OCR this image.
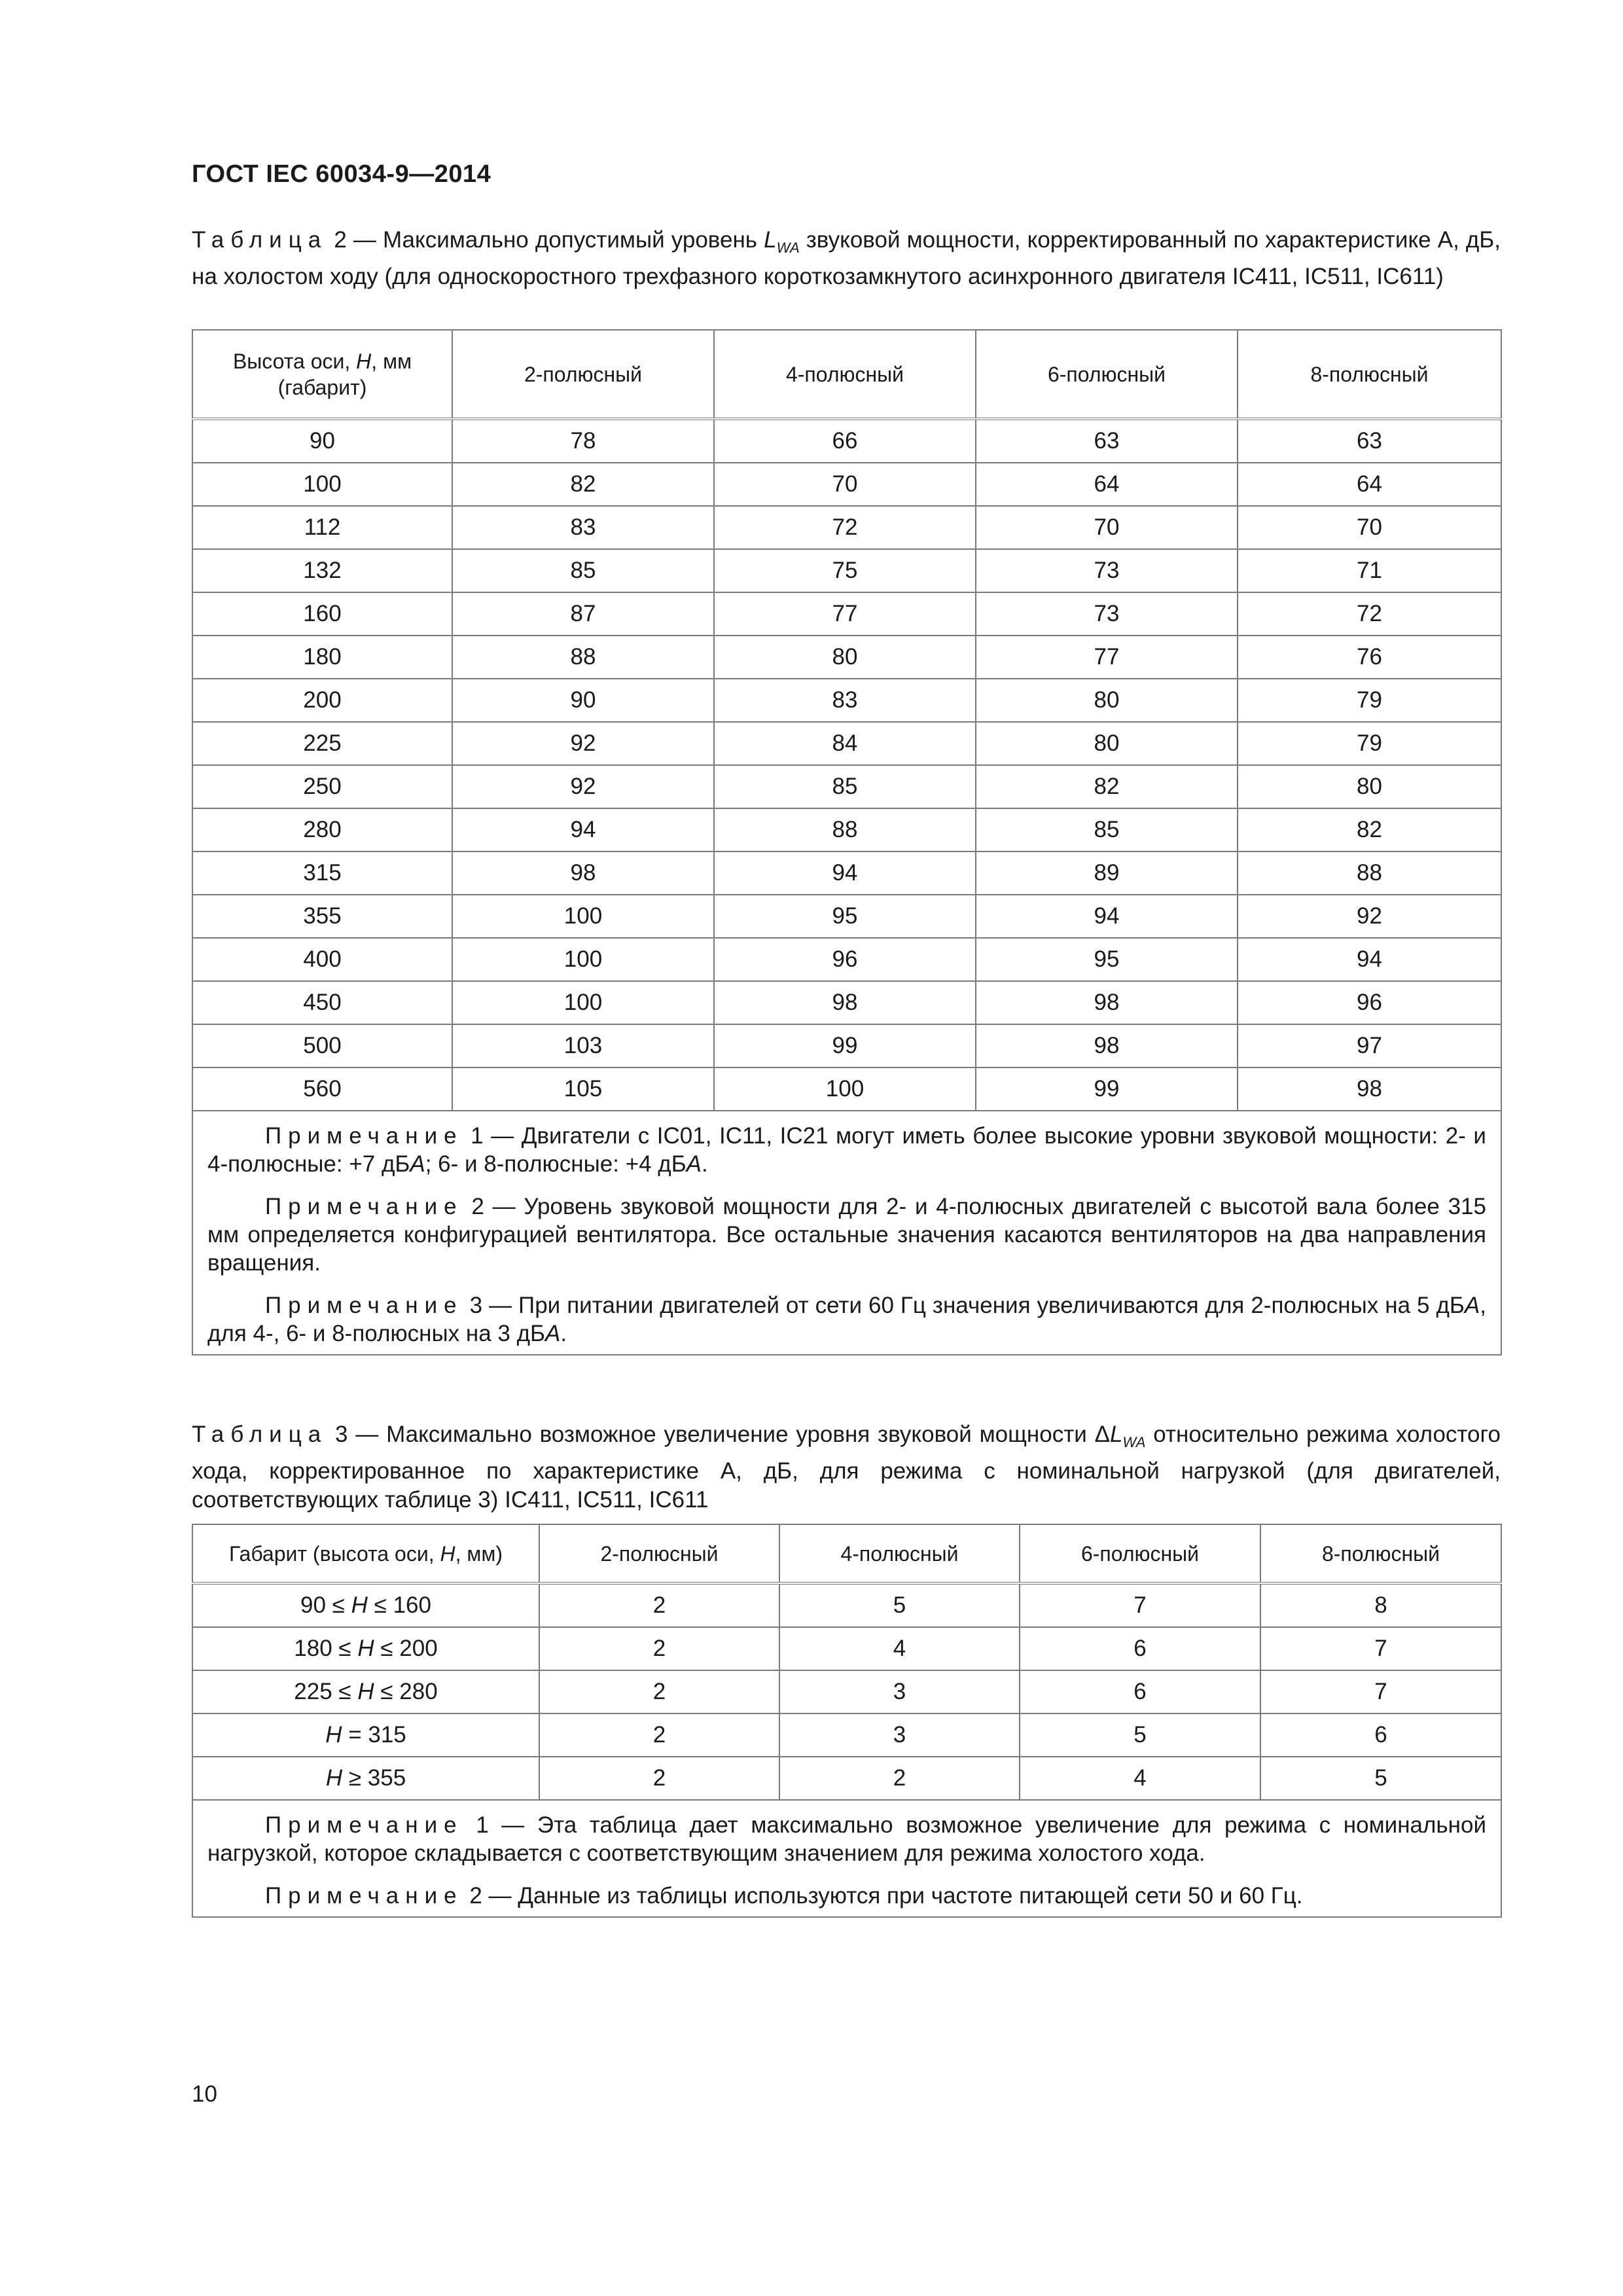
ГОСТ IEC 60034-9—2014
Таблица 2 — Максимально допустимый уровень $L_{WA}$ звуковой мощности, корректированный по характеристике А, дБ, на холостом ходу (для односкоростного трехфазного короткозамкнутого асинхронного двигателя IC411, IC511, IC611)
Высота оси, H, мм
(габарит)	2-полюсный	4-полюсный	6-полюсный	8-полюсный
90	78	66	63	63
100	82	70	64	64
112	83	72	70	70
132	85	75	73	71
160	87	77	73	72
180	88	80	77	76
200	90	83	80	79
225	92	84	80	79
250	92	85	82	80
280	94	88	85	82
315	98	94	89	88
355	100	95	94	92
400	100	96	95	94
450	100	98	98	96
500	103	99	98	97
560	105	100	99	98

Примечание 1 — Двигатели с IC01, IC11, IC21 могут иметь более высокие уровни звуковой мощности: 2- и 4-полюсные: +7 дБA; 6- и 8-полюсные: +4 дБA.

Примечание 2 — Уровень звуковой мощности для 2- и 4-полюсных двигателей с высотой вала более 315 мм определяется конфигурацией вентилятора. Все остальные значения касаются вентиляторов на два направления вращения.

Примечание 3 — При питании двигателей от сети 60 Гц значения увеличиваются для 2-полюсных на 5 дБA, для 4-, 6- и 8-полюсных на 3 дБA.				

Таблица 3 — Максимально возможное увеличение уровня звуковой мощности $\Delta L_{WA}$ относительно режима холостого хода, корректированное по характеристике А, дБ, для режима с номинальной нагрузкой (для двигателей, соответствующих таблице 3) IC411, IC511, IC611
Габарит (высота оси, H, мм)	2-полюсный	4-полюсный	6-полюсный	8-полюсный
90 ≤ H ≤ 160	2	5	7	8
180 ≤ H ≤ 200	2	4	6	7
225 ≤ H ≤ 280	2	3	6	7
H = 315	2	3	5	6
H ≥ 355	2	2	4	5

Примечание 1 — Эта таблица дает максимально возможное увеличение для режима с номинальной нагрузкой, которое складывается с соответствующим значением для режима холостого хода.

Примечание 2 — Данные из таблицы используются при частоте питающей сети 50 и 60 Гц.				

10
